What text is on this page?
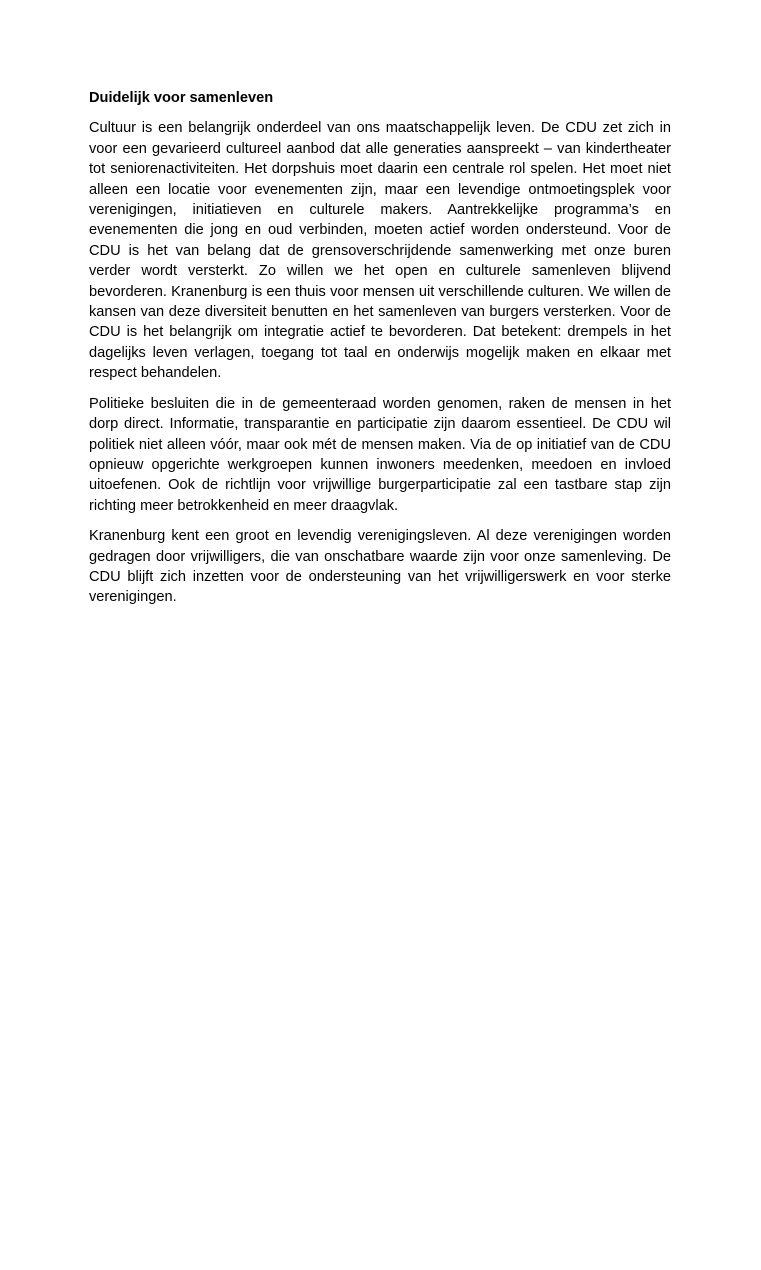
Duidelijk voor samenleven

Cultuur is een belangrijk onderdeel van ons maatschappelijk leven. De CDU zet zich in voor een gevarieerd cultureel aanbod dat alle generaties aanspreekt – van kindertheater tot seniorenactiviteiten. Het dorpshuis moet daarin een centrale rol spelen. Het moet niet alleen een locatie voor evenementen zijn, maar een levendige ontmoetingsplek voor verenigingen, initiatieven en culturele makers. Aantrekkelijke programma’s en evenementen die jong en oud verbinden, moeten actief worden ondersteund. Voor de CDU is het van belang dat de grensoverschrijdende samenwerking met onze buren verder wordt versterkt. Zo willen we het open en culturele samenleven blijvend bevorderen. Kranenburg is een thuis voor mensen uit verschillende culturen. We willen de kansen van deze diversiteit benutten en het samenleven van burgers versterken. Voor de CDU is het belangrijk om integratie actief te bevorderen. Dat betekent: drempels in het dagelijks leven verlagen, toegang tot taal en onderwijs mogelijk maken en elkaar met respect behandelen.

Politieke besluiten die in de gemeenteraad worden genomen, raken de mensen in het dorp direct. Informatie, transparantie en participatie zijn daarom essentieel. De CDU wil politiek niet alleen vóór, maar ook mét de mensen maken. Via de op initiatief van de CDU opnieuw opgerichte werkgroepen kunnen inwoners meedenken, meedoen en invloed uitoefenen. Ook de richtlijn voor vrijwillige burgerparticipatie zal een tastbare stap zijn richting meer betrokkenheid en meer draagvlak.

Kranenburg kent een groot en levendig verenigingsleven. Al deze verenigingen worden gedragen door vrijwilligers, die van onschatbare waarde zijn voor onze samenleving. De CDU blijft zich inzetten voor de ondersteuning van het vrijwilligerswerk en voor sterke verenigingen.
